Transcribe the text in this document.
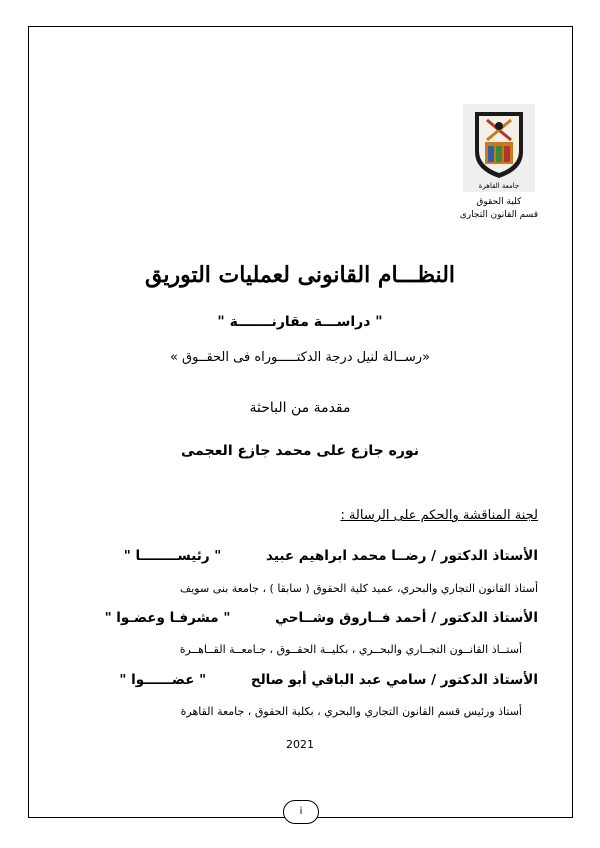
جامعة القاهرة
كلية الحقوق
قسم القانون التجارى
النظـــام القانونى لعمليات التوريق
" دراســـة مقارنـــــــة "
«رســالة لنيل درجة الدكتـــــوراه فى الحقــوق »
مقدمة من الباحثة
نوره جازع على محمد جازع العجمى
لجنة المناقشة والحكم على الرسالة :
الأستاذ الدكتور / رضــا محمد ابراهيم عبيد " رئيســــــــا "
أستاذ القانون التجاري والبحري، عميد كلية الحقوق ( سابقا ) ، جامعة بنى سويف
الأستاذ الدكتور / أحمد فــاروق وشــاحي " مشرفـا وعضـوا "
أستــاذ القانــون التجــاري والبحــري ، بكليــة الحقــوق ، جـامعــة القــاهــرة
الأستاذ الدكتور / سامي عبد الباقي أبو صالح " عضــــــوا "
أستاذ ورئيس قسم القانون التجاري والبحري ، بكلية الحقوق ، جامعة القاهرة
2021
i
